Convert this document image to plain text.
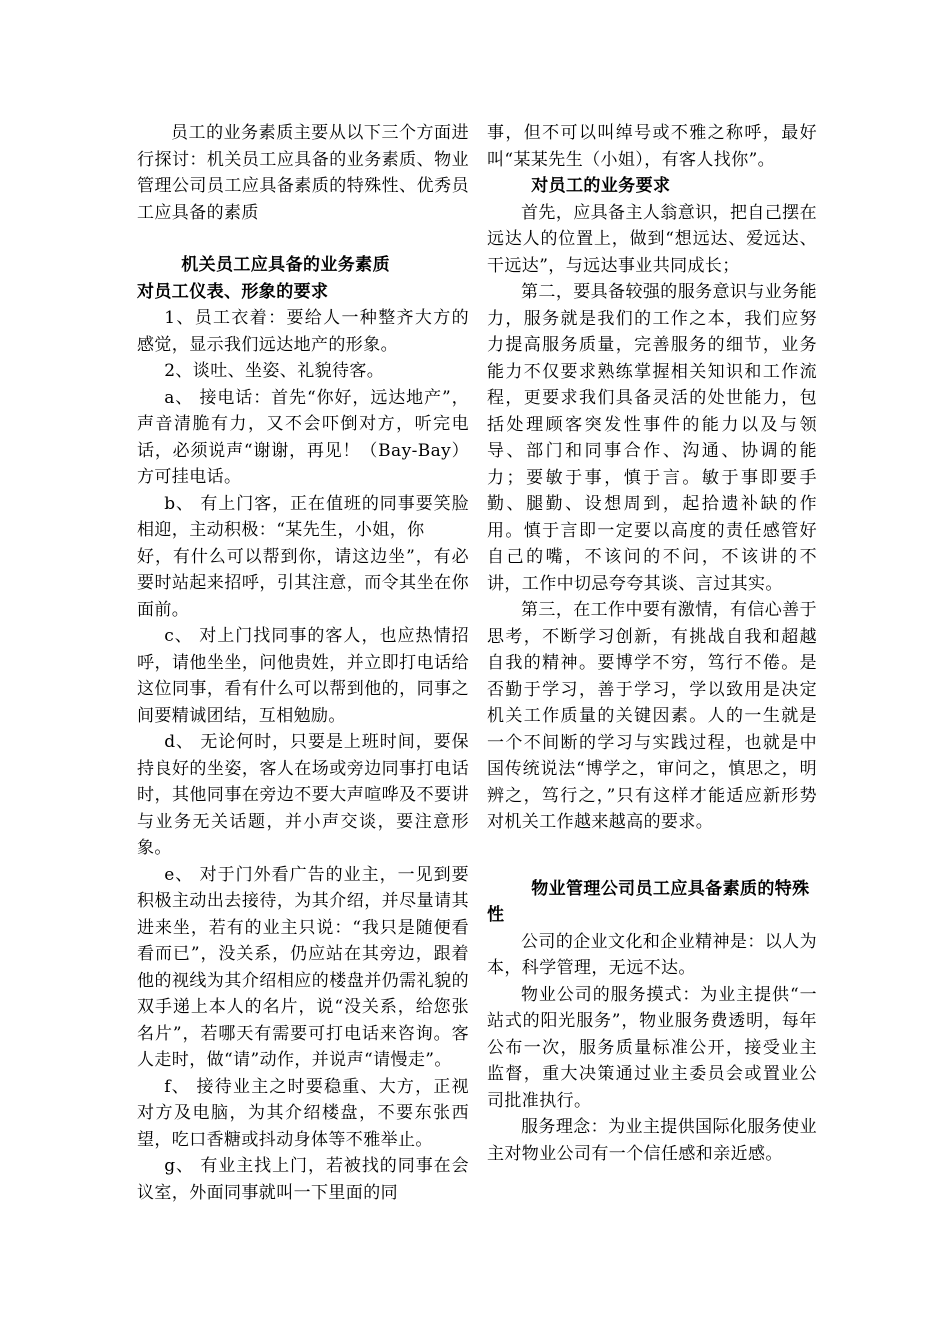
员工的业务素质主要从以下三个方面进行探讨：机关员工应具备的业务素质、物业管理公司员工应具备素质的特殊性、优秀员工应具备的素质
机关员工应具备的业务素质
对员工仪表、形象的要求
1、员工衣着：要给人一种整齐大方的感觉，显示我们远达地产的形象。
2、谈吐、坐姿、礼貌待客。
a、 接电话：首先“你好，远达地产”，声音清脆有力，又不会吓倒对方，听完电话，必须说声“谢谢，再见！（Bay-Bay）方可挂电话。
b、 有上门客，正在值班的同事要笑脸相迎，主动积极：“某先生，小姐，你
好，有什么可以帮到你，请这边坐”，有必要时站起来招呼，引其注意，而令其坐在你面前。
c、 对上门找同事的客人，也应热情招呼，请他坐坐，问他贵姓，并立即打电话给这位同事，看有什么可以帮到他的，同事之间要精诚团结，互相勉励。
d、 无论何时，只要是上班时间，要保持良好的坐姿，客人在场或旁边同事打电话时，其他同事在旁边不要大声喧哗及不要讲与业务无关话题，并小声交谈，要注意形象。
e、 对于门外看广告的业主，一见到要积极主动出去接待，为其介绍，并尽量请其进来坐，若有的业主只说：“我只是随便看看而已”，没关系，仍应站在其旁边，跟着他的视线为其介绍相应的楼盘并仍需礼貌的双手递上本人的名片，说“没关系，给您张名片”，若哪天有需要可打电话来咨询。客人走时，做“请”动作，并说声“请慢走”。
f、 接待业主之时要稳重、大方，正视对方及电脑，为其介绍楼盘，不要东张西望，吃口香糖或抖动身体等不雅举止。
g、 有业主找上门，若被找的同事在会议室，外面同事就叫一下里面的同
事，但不可以叫绰号或不雅之称呼，最好叫“某某先生（小姐），有客人找你”。
对员工的业务要求
首先，应具备主人翁意识，把自己摆在远达人的位置上，做到“想远达、爱远达、干远达”，与远达事业共同成长；
第二，要具备较强的服务意识与业务能力，服务就是我们的工作之本，我们应努力提高服务质量，完善服务的细节，业务能力不仅要求熟练掌握相关知识和工作流程，更要求我们具备灵活的处世能力，包括处理顾客突发性事件的能力以及与领导、部门和同事合作、沟通、协调的能力；要敏于事，慎于言。敏于事即要手勤、腿勤、设想周到，起拾遗补缺的作用。慎于言即一定要以高度的责任感管好自己的嘴，不该问的不问，不该讲的不讲，工作中切忌夸夸其谈、言过其实。
第三，在工作中要有激情，有信心善于思考，不断学习创新，有挑战自我和超越自我的精神。要博学不穷，笃行不倦。是否勤于学习，善于学习，学以致用是决定机关工作质量的关键因素。人的一生就是一个不间断的学习与实践过程，也就是中国传统说法“博学之，审问之，慎思之，明辨之，笃行之，”只有这样才能适应新形势对机关工作越来越高的要求。
物业管理公司员工应具备素质的特殊性
公司的企业文化和企业精神是：以人为本，科学管理，无远不达。
物业公司的服务摸式：为业主提供“一站式的阳光服务”，物业服务费透明，每年公布一次，服务质量标准公开，接受业主监督，重大决策通过业主委员会或置业公司批准执行。
服务理念：为业主提供国际化服务使业主对物业公司有一个信任感和亲近感。
